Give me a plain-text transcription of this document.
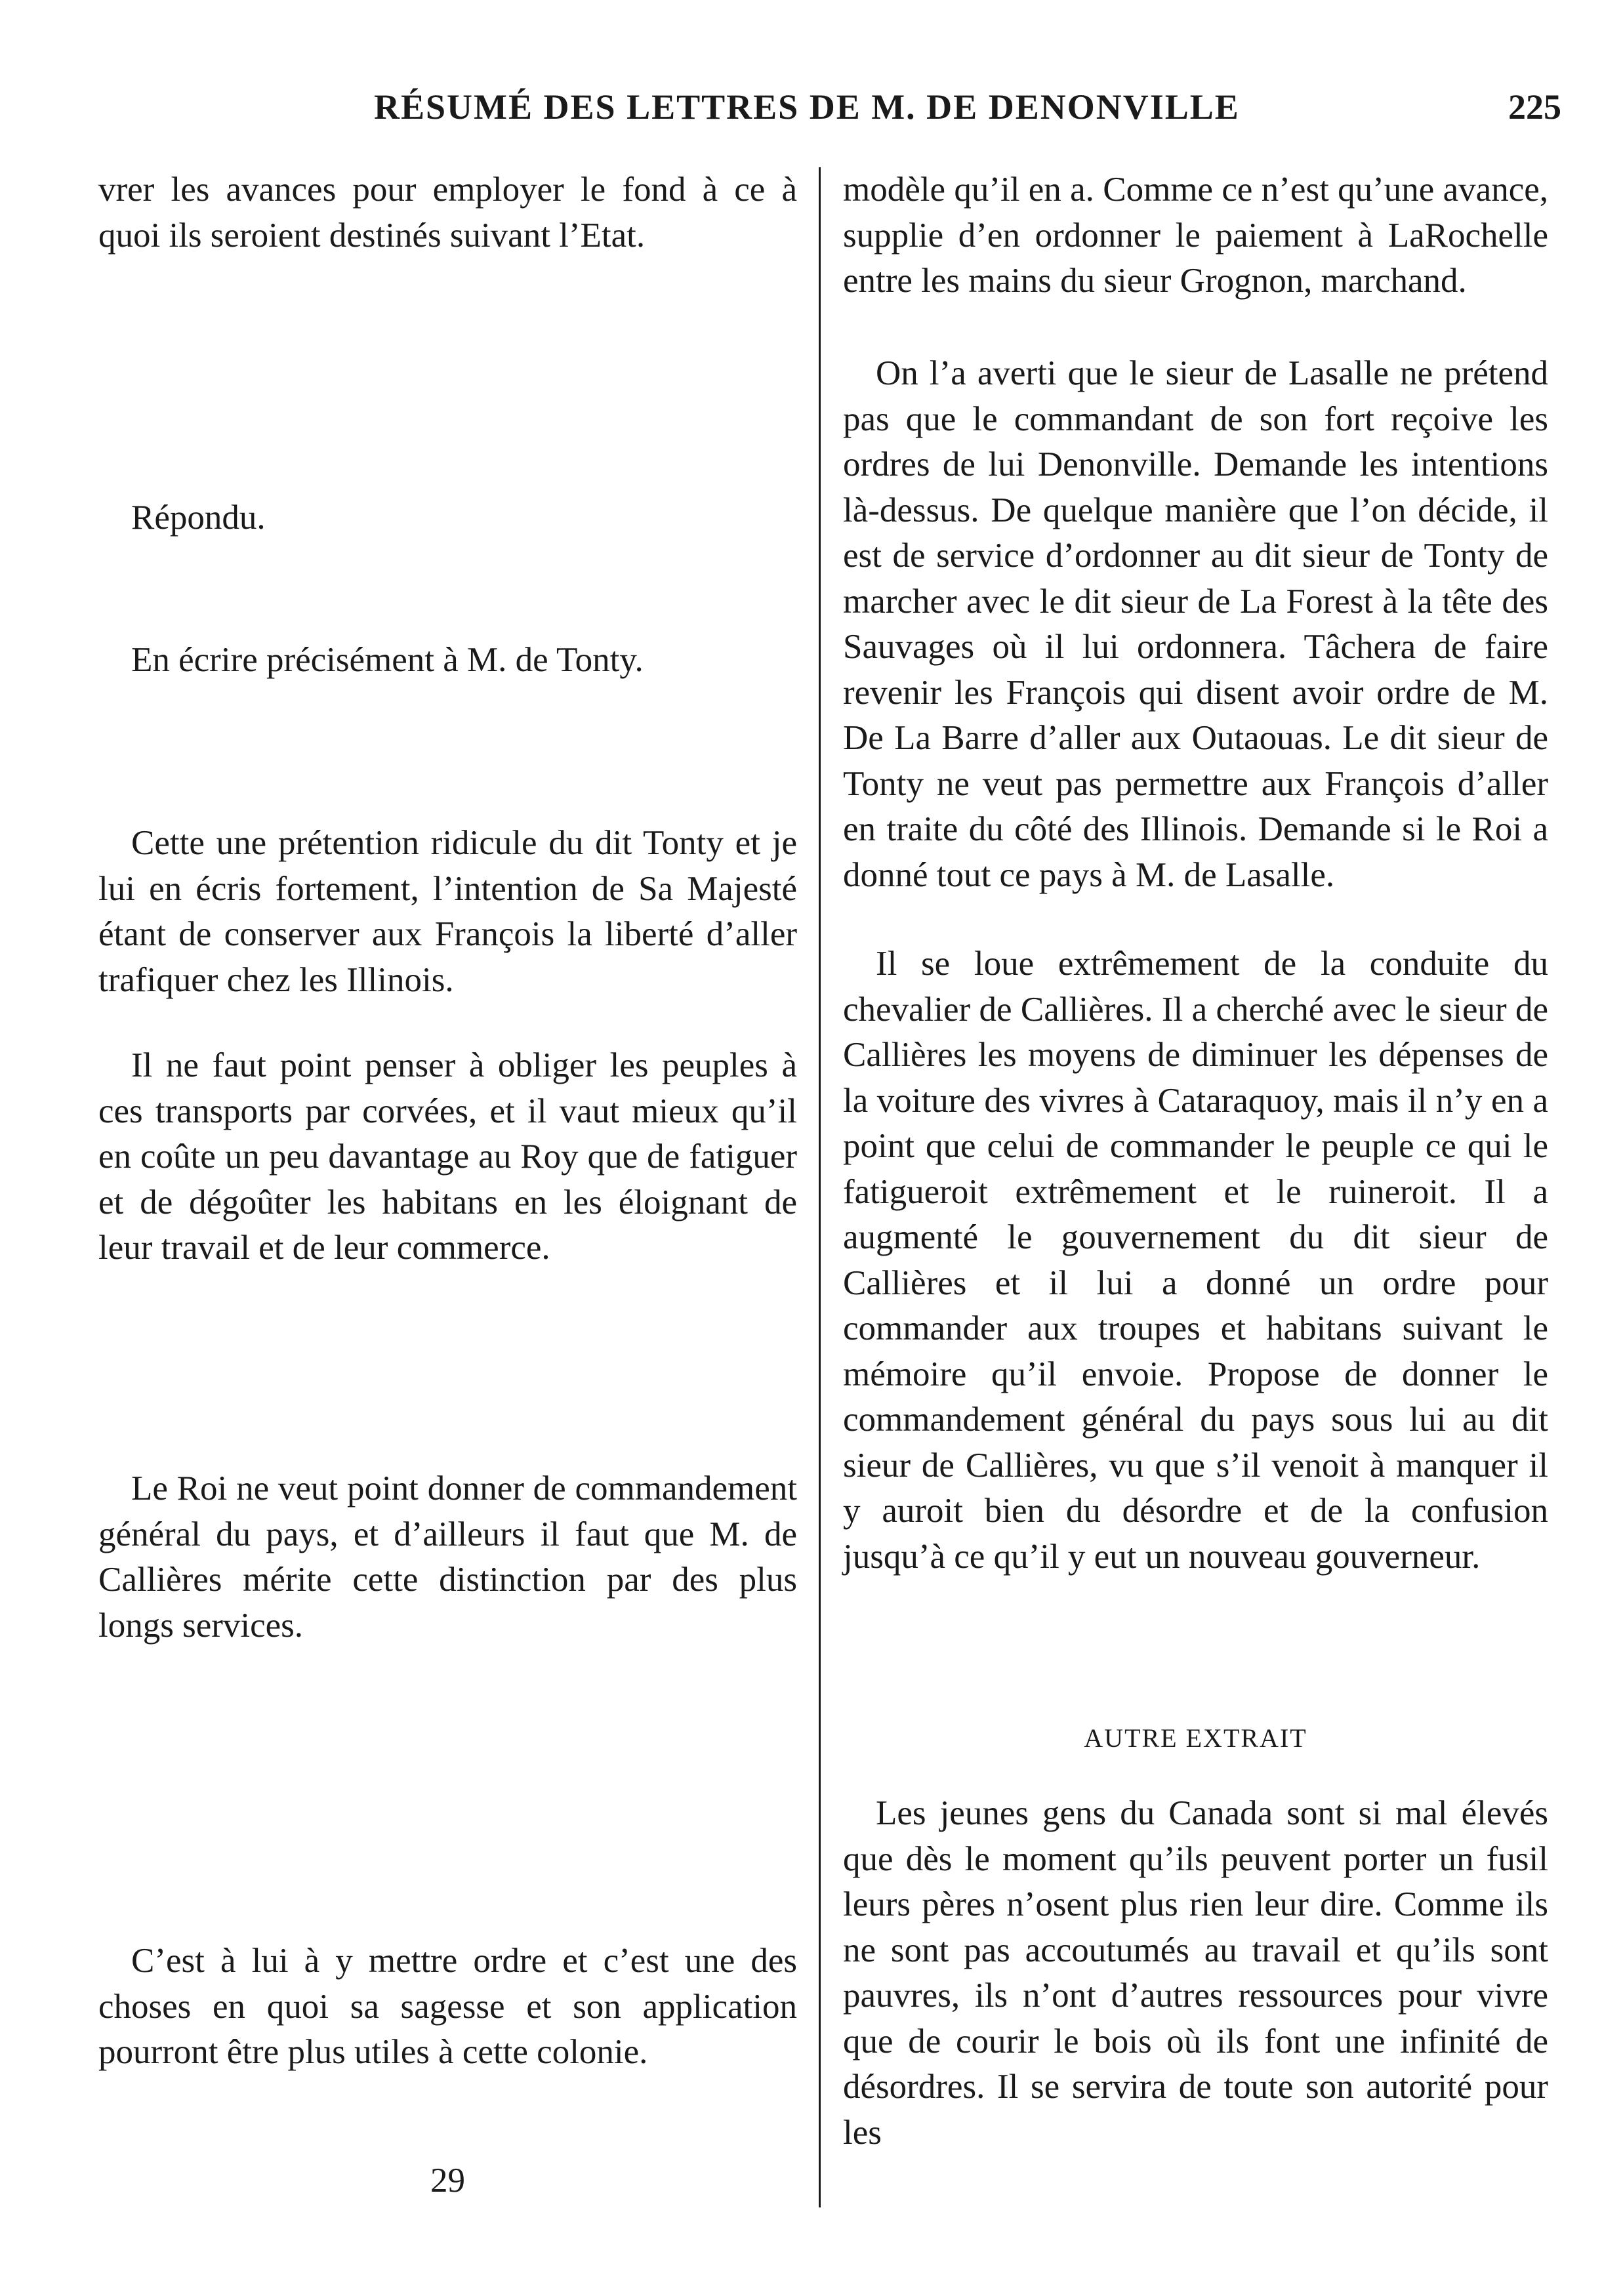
RÉSUMÉ DES LETTRES DE M. DE DENONVILLE	225

vrer les avances pour employer le fond à ce à quoi ils seroient destinés suivant l’Etat.

Répondu.

En écrire précisément à M. de Tonty.

Cette une prétention ridicule du dit Tonty et je lui en écris fortement, l’intention de Sa Majesté étant de conserver aux François la liberté d’aller trafiquer chez les Illinois.

Il ne faut point penser à obliger les peuples à ces transports par corvées, et il vaut mieux qu’il en coûte un peu davantage au Roy que de fatiguer et de dégoûter les habitans en les éloignant de leur travail et de leur commerce.

Le Roi ne veut point donner de commandement général du pays, et d’ailleurs il faut que M. de Callières mérite cette distinction par des plus longs services.

C’est à lui à y mettre ordre et c’est une des choses en quoi sa sagesse et son application pourront être plus utiles à cette colonie.

29

modèle qu’il en a. Comme ce n’est qu’une avance, supplie d’en ordonner le paiement à LaRochelle entre les mains du sieur Grognon, marchand.

On l’a averti que le sieur de Lasalle ne prétend pas que le commandant de son fort reçoive les ordres de lui Denonville. Demande les intentions là-dessus. De quelque manière que l’on décide, il est de service d’ordonner au dit sieur de Tonty de marcher avec le dit sieur de La Forest à la tête des Sauvages où il lui ordonnera. Tâchera de faire revenir les François qui disent avoir ordre de M. De La Barre d’aller aux Outaouas. Le dit sieur de Tonty ne veut pas permettre aux François d’aller en traite du côté des Illinois. Demande si le Roi a donné tout ce pays à M. de Lasalle.

Il se loue extrêmement de la conduite du chevalier de Callières. Il a cherché avec le sieur de Callières les moyens de diminuer les dépenses de la voiture des vivres à Cataraquoy, mais il n’y en a point que celui de commander le peuple ce qui le fatigueroit extrêmement et le ruineroit. Il a augmenté le gouvernement du dit sieur de Callières et il lui a donné un ordre pour commander aux troupes et habitans suivant le mémoire qu’il envoie. Propose de donner le commandement général du pays sous lui au dit sieur de Callières, vu que s’il venoit à manquer il y auroit bien du désordre et de la confusion jusqu’à ce qu’il y eut un nouveau gouverneur.

AUTRE EXTRAIT

Les jeunes gens du Canada sont si mal élevés que dès le moment qu’ils peuvent porter un fusil leurs pères n’osent plus rien leur dire. Comme ils ne sont pas accoutumés au travail et qu’ils sont pauvres, ils n’ont d’autres ressources pour vivre que de courir le bois où ils font une infinité de désordres. Il se servira de toute son autorité pour les
